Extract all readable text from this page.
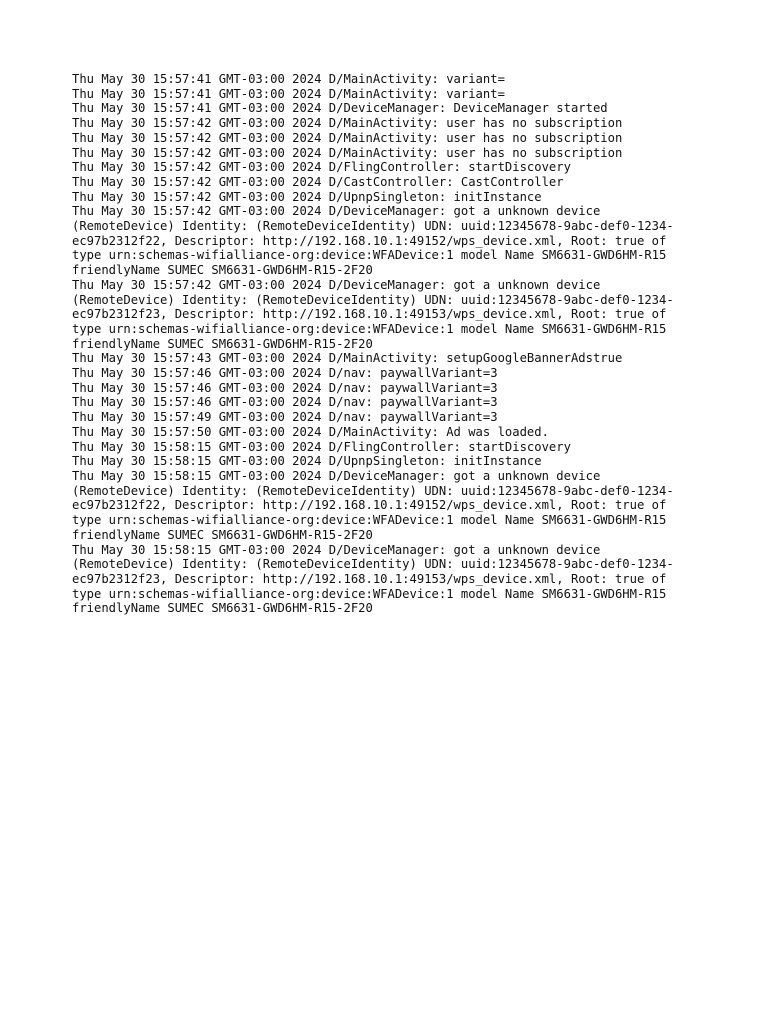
Thu May 30 15:57:41 GMT-03:00 2024 D/MainActivity: variant=

Thu May 30 15:57:41 GMT-03:00 2024 D/MainActivity: variant=

Thu May 30 15:57:41 GMT-03:00 2024 D/DeviceManager: DeviceManager started

Thu May 30 15:57:42 GMT-03:00 2024 D/MainActivity: user has no subscription

Thu May 30 15:57:42 GMT-03:00 2024 D/MainActivity: user has no subscription

Thu May 30 15:57:42 GMT-03:00 2024 D/MainActivity: user has no subscription

Thu May 30 15:57:42 GMT-03:00 2024 D/FlingController: startDiscovery

Thu May 30 15:57:42 GMT-03:00 2024 D/CastController: CastController

Thu May 30 15:57:42 GMT-03:00 2024 D/UpnpSingleton: initInstance

Thu May 30 15:57:42 GMT-03:00 2024 D/DeviceManager: got a unknown device
(RemoteDevice) Identity: (RemoteDeviceIdentity) UDN: uuid:12345678-9abc-def0-1234-
ec97b2312f22, Descriptor: http://192.168.10.1:49152/wps_device.xml, Root: true of
type urn:schemas-wifialliance-org:device:WFADevice:1 model Name SM6631-GWD6HM-R15
friendlyName SUMEC SM6631-GWD6HM-R15-2F20

Thu May 30 15:57:42 GMT-03:00 2024 D/DeviceManager: got a unknown device
(RemoteDevice) Identity: (RemoteDeviceIdentity) UDN: uuid:12345678-9abc-def0-1234-
ec97b2312f23, Descriptor: http://192.168.10.1:49153/wps_device.xml, Root: true of
type urn:schemas-wifialliance-org:device:WFADevice:1 model Name SM6631-GWD6HM-R15
friendlyName SUMEC SM6631-GWD6HM-R15-2F20

Thu May 30 15:57:43 GMT-03:00 2024 D/MainActivity: setupGoogleBannerAdstrue

Thu May 30 15:57:46 GMT-03:00 2024 D/nav: paywallVariant=3

Thu May 30 15:57:46 GMT-03:00 2024 D/nav: paywallVariant=3

Thu May 30 15:57:46 GMT-03:00 2024 D/nav: paywallVariant=3

Thu May 30 15:57:49 GMT-03:00 2024 D/nav: paywallVariant=3

Thu May 30 15:57:50 GMT-03:00 2024 D/MainActivity: Ad was loaded.

Thu May 30 15:58:15 GMT-03:00 2024 D/FlingController: startDiscovery

Thu May 30 15:58:15 GMT-03:00 2024 D/UpnpSingleton: initInstance

Thu May 30 15:58:15 GMT-03:00 2024 D/DeviceManager: got a unknown device
(RemoteDevice) Identity: (RemoteDeviceIdentity) UDN: uuid:12345678-9abc-def0-1234-
ec97b2312f22, Descriptor: http://192.168.10.1:49152/wps_device.xml, Root: true of
type urn:schemas-wifialliance-org:device:WFADevice:1 model Name SM6631-GWD6HM-R15
friendlyName SUMEC SM6631-GWD6HM-R15-2F20

Thu May 30 15:58:15 GMT-03:00 2024 D/DeviceManager: got a unknown device
(RemoteDevice) Identity: (RemoteDeviceIdentity) UDN: uuid:12345678-9abc-def0-1234-
ec97b2312f23, Descriptor: http://192.168.10.1:49153/wps_device.xml, Root: true of
type urn:schemas-wifialliance-org:device:WFADevice:1 model Name SM6631-GWD6HM-R15
friendlyName SUMEC SM6631-GWD6HM-R15-2F20
